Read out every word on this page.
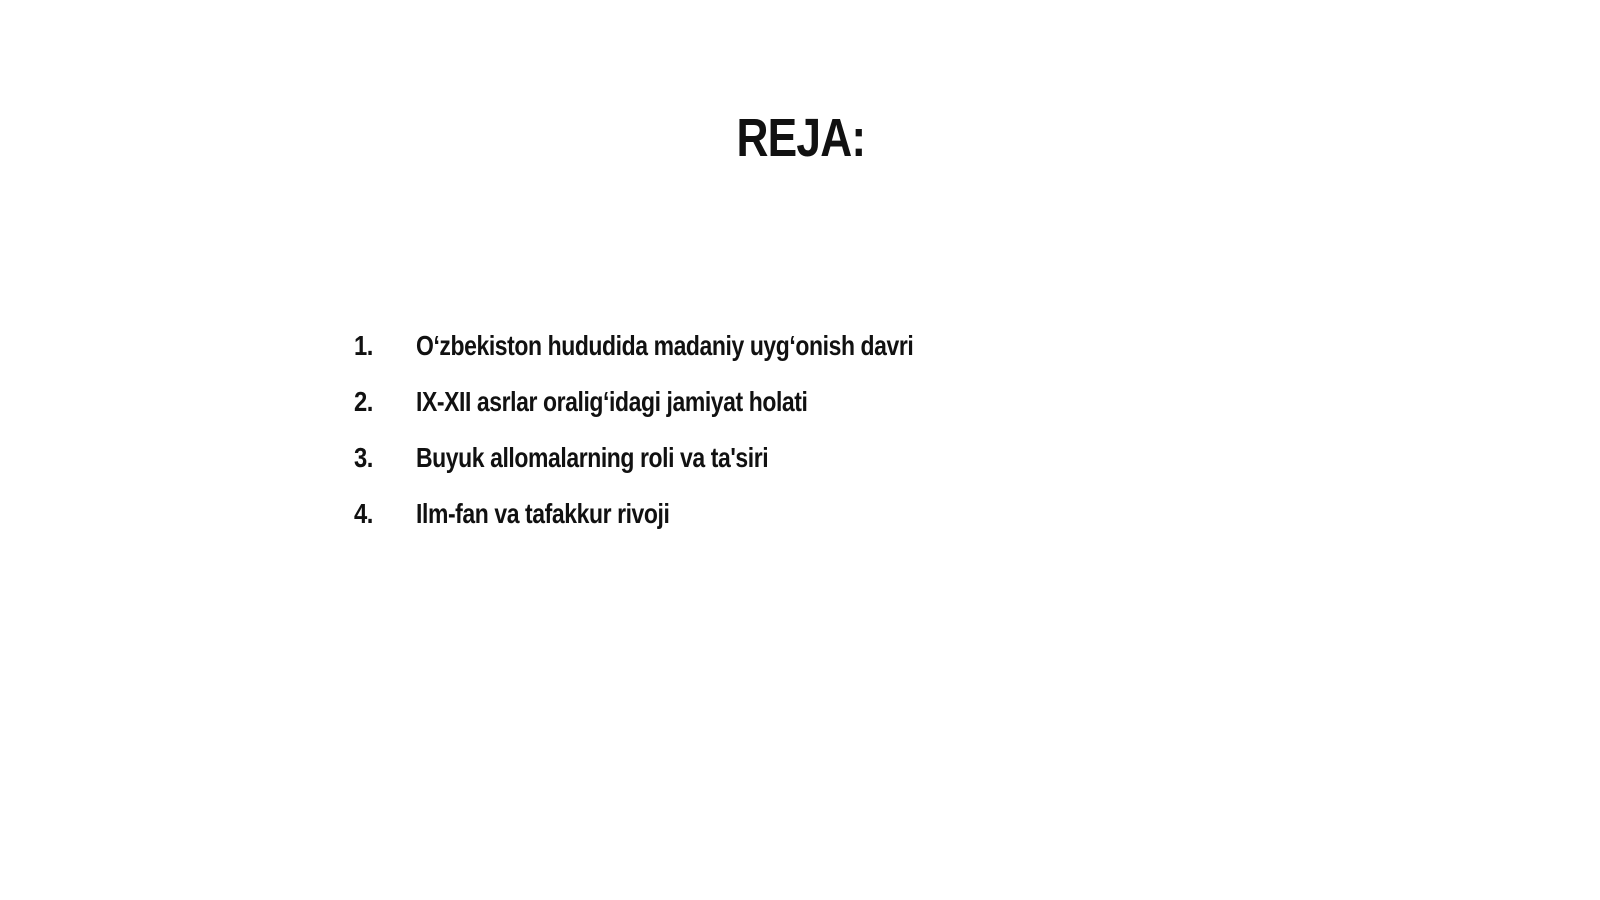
REJA:
1.	O‘zbekiston hududida madaniy uyg‘onish davri
2.	IX-XII asrlar oralig‘idagi jamiyat holati
3.	Buyuk allomalarning roli va ta'siri
4.	Ilm-fan va tafakkur rivoji
